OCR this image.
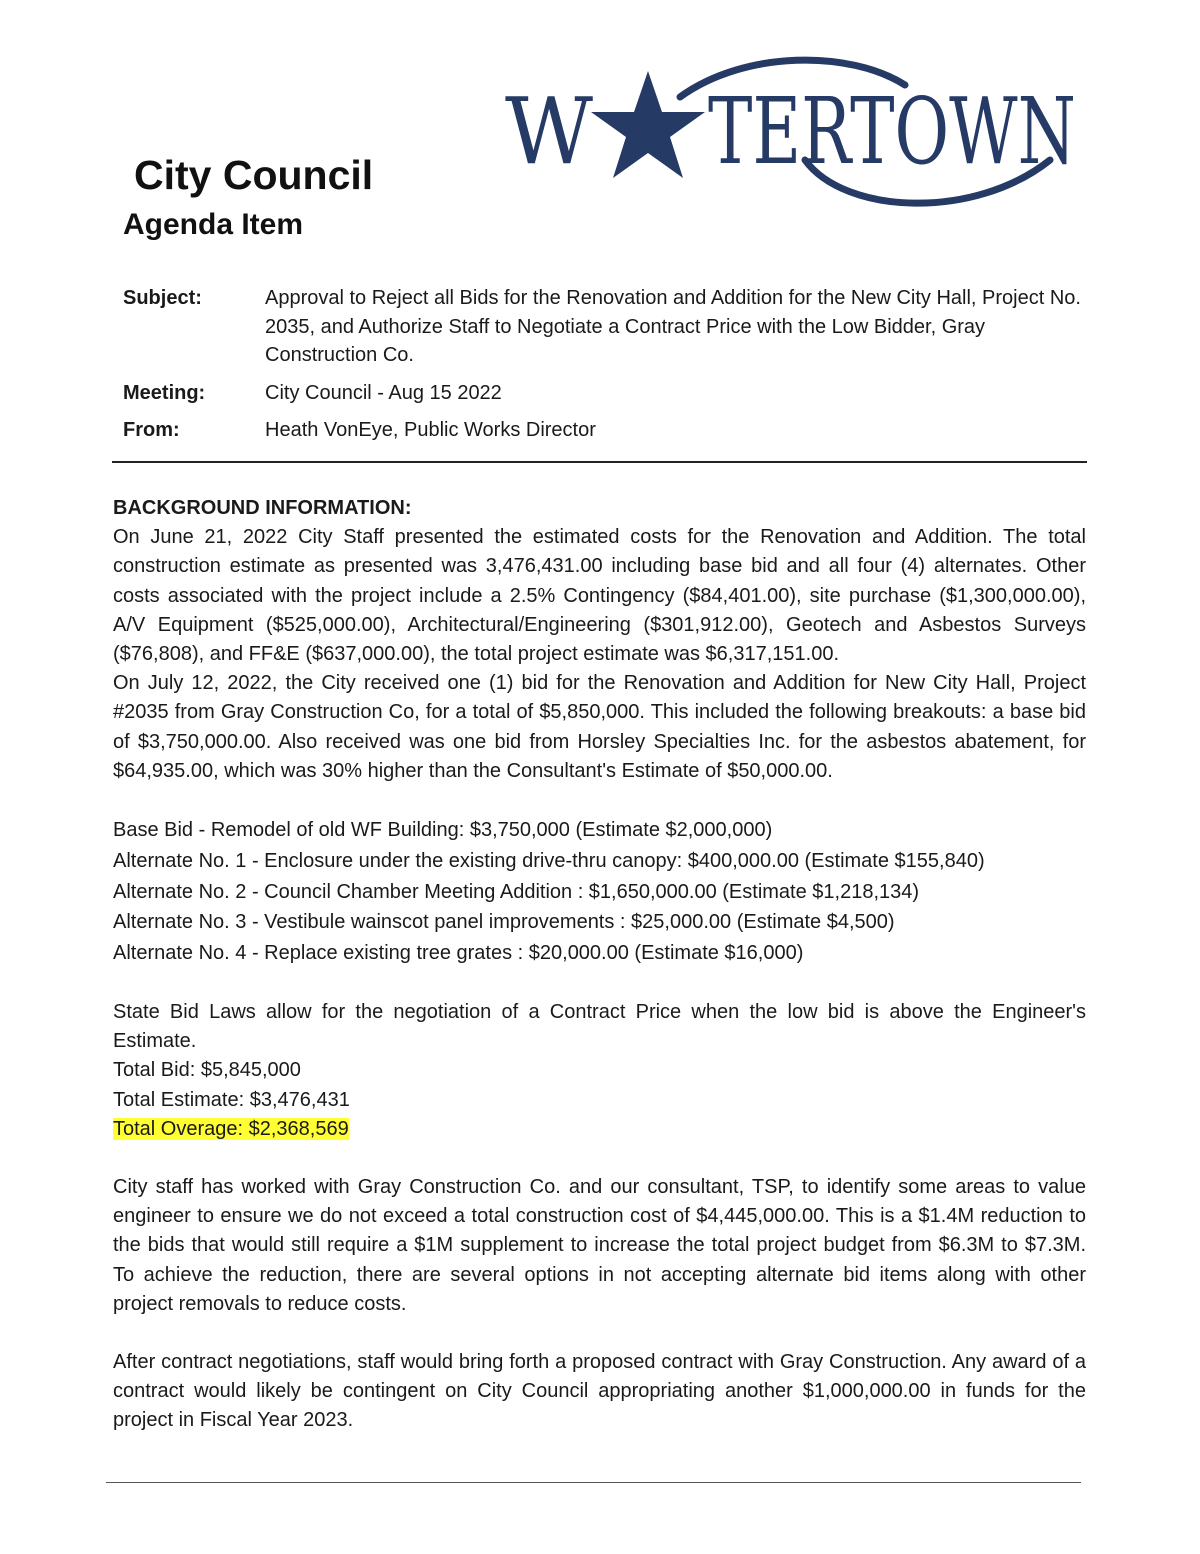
W TERTOWN
City Council
Agenda Item
Subject:	Approval to Reject all Bids for the Renovation and Addition for the New City Hall, Project No. 2035, and Authorize Staff to Negotiate a Contract Price with the Low Bidder, Gray Construction Co.
Meeting:	City Council - Aug 15 2022
From:	Heath VonEye, Public Works Director

BACKGROUND INFORMATION:

On June 21, 2022 City Staff presented the estimated costs for the Renovation and Addition. The total construction estimate as presented was 3,476,431.00 including base bid and all four (4) alternates. Other costs associated with the project include a 2.5% Contingency ($84,401.00), site purchase ($1,300,000.00), A/V Equipment ($525,000.00), Architectural/Engineering ($301,912.00), Geotech and Asbestos Surveys ($76,808), and FF&E ($637,000.00), the total project estimate was $6,317,151.00.

On July 12, 2022, the City received one (1) bid for the Renovation and Addition for New City Hall, Project #2035 from Gray Construction Co, for a total of $5,850,000. This included the following breakouts: a base bid of $3,750,000.00. Also received was one bid from Horsley Specialties Inc. for the asbestos abatement, for $64,935.00, which was 30% higher than the Consultant's Estimate of $50,000.00.

Base Bid - Remodel of old WF Building: $3,750,000 (Estimate $2,000,000)

Alternate No. 1 - Enclosure under the existing drive-thru canopy: $400,000.00 (Estimate $155,840)

Alternate No. 2 - Council Chamber Meeting Addition : $1,650,000.00 (Estimate $1,218,134)

Alternate No. 3 - Vestibule wainscot panel improvements : $25,000.00 (Estimate $4,500)

Alternate No. 4 - Replace existing tree grates : $20,000.00 (Estimate $16,000)

State Bid Laws allow for the negotiation of a Contract Price when the low bid is above the Engineer's Estimate.

Total Bid: $5,845,000

Total Estimate: $3,476,431

Total Overage: $2,368,569

City staff has worked with Gray Construction Co. and our consultant, TSP, to identify some areas to value engineer to ensure we do not exceed a total construction cost of $4,445,000.00. This is a $1.4M reduction to the bids that would still require a $1M supplement to increase the total project budget from $6.3M to $7.3M. To achieve the reduction, there are several options in not accepting alternate bid items along with other project removals to reduce costs.

After contract negotiations, staff would bring forth a proposed contract with Gray Construction. Any award of a contract would likely be contingent on City Council appropriating another $1,000,000.00 in funds for the project in Fiscal Year 2023.
